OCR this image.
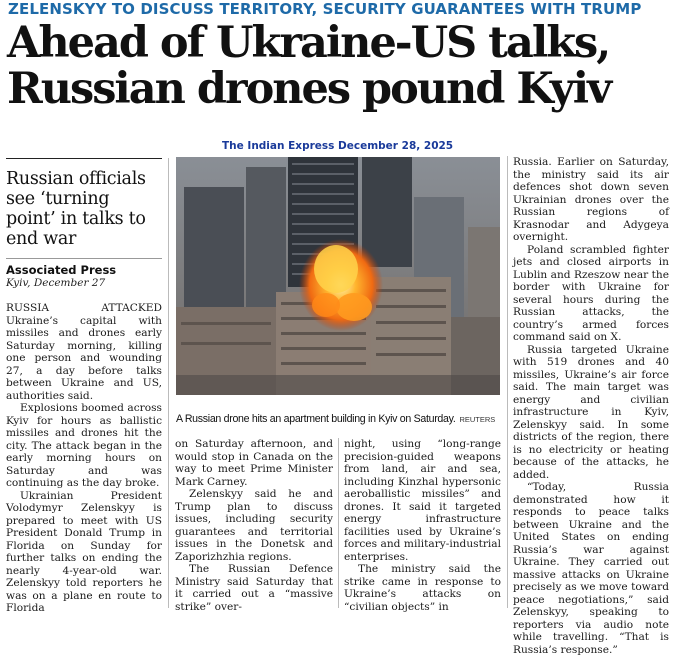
ZELENSKYY TO DISCUSS TERRITORY, SECURITY GUARANTEES WITH TRUMP
Ahead of Ukraine-US talks,
Russian drones pound Kyiv
The Indian Express December 28, 2025
Russian officials see ‘turning point’ in talks to end war
Associated Press
Kyiv, December 27

RUSSIA ATTACKED Ukraine’s capital with missiles and drones early Saturday morning, killing one person and wounding 27, a day before talks between Ukraine and US, authorities said.

Explosions boomed across Kyiv for hours as ballistic missiles and drones hit the city. The attack began in the early morning hours on Saturday and was continuing as the day broke.

Ukrainian President Volodymyr Zelenskyy is prepared to meet with US President Donald Trump in Florida on Sunday for further talks on ending the nearly 4-year-old war. Zelenskyy told reporters he was on a plane en route to Florida

A Russian drone hits an apartment building in Kyiv on Saturday. REUTERS

on Saturday afternoon, and would stop in Canada on the way to meet Prime Minister Mark Carney.

Zelenskyy said he and Trump plan to discuss issues, including security guarantees and territorial issues in the Donetsk and Zaporizhzhia regions.

The Russian Defence Ministry said Saturday that it carried out a “massive strike” over-

night, using “long-range precision-guided weapons from land, air and sea, including Kinzhal hypersonic aeroballistic missiles” and drones. It said it targeted energy infrastructure facilities used by Ukraine’s forces and military-industrial enterprises.

The ministry said the strike came in response to Ukraine’s attacks on “civilian objects” in

Russia. Earlier on Saturday, the ministry said its air defences shot down seven Ukrainian drones over the Russian regions of Krasnodar and Adygeya overnight.

Poland scrambled fighter jets and closed airports in Lublin and Rzeszow near the border with Ukraine for several hours during the Russian attacks, the country’s armed forces command said on X.

Russia targeted Ukraine with 519 drones and 40 missiles, Ukraine’s air force said. The main target was energy and civilian infrastructure in Kyiv, Zelenskyy said. In some districts of the region, there is no electricity or heating because of the attacks, he added.

“Today, Russia demonstrated how it responds to peace talks between Ukraine and the United States on ending Russia’s war against Ukraine. They carried out massive attacks on Ukraine precisely as we move toward peace negotiations,” said Zelenskyy, speaking to reporters via audio note while travelling. “That is Russia’s response.”
